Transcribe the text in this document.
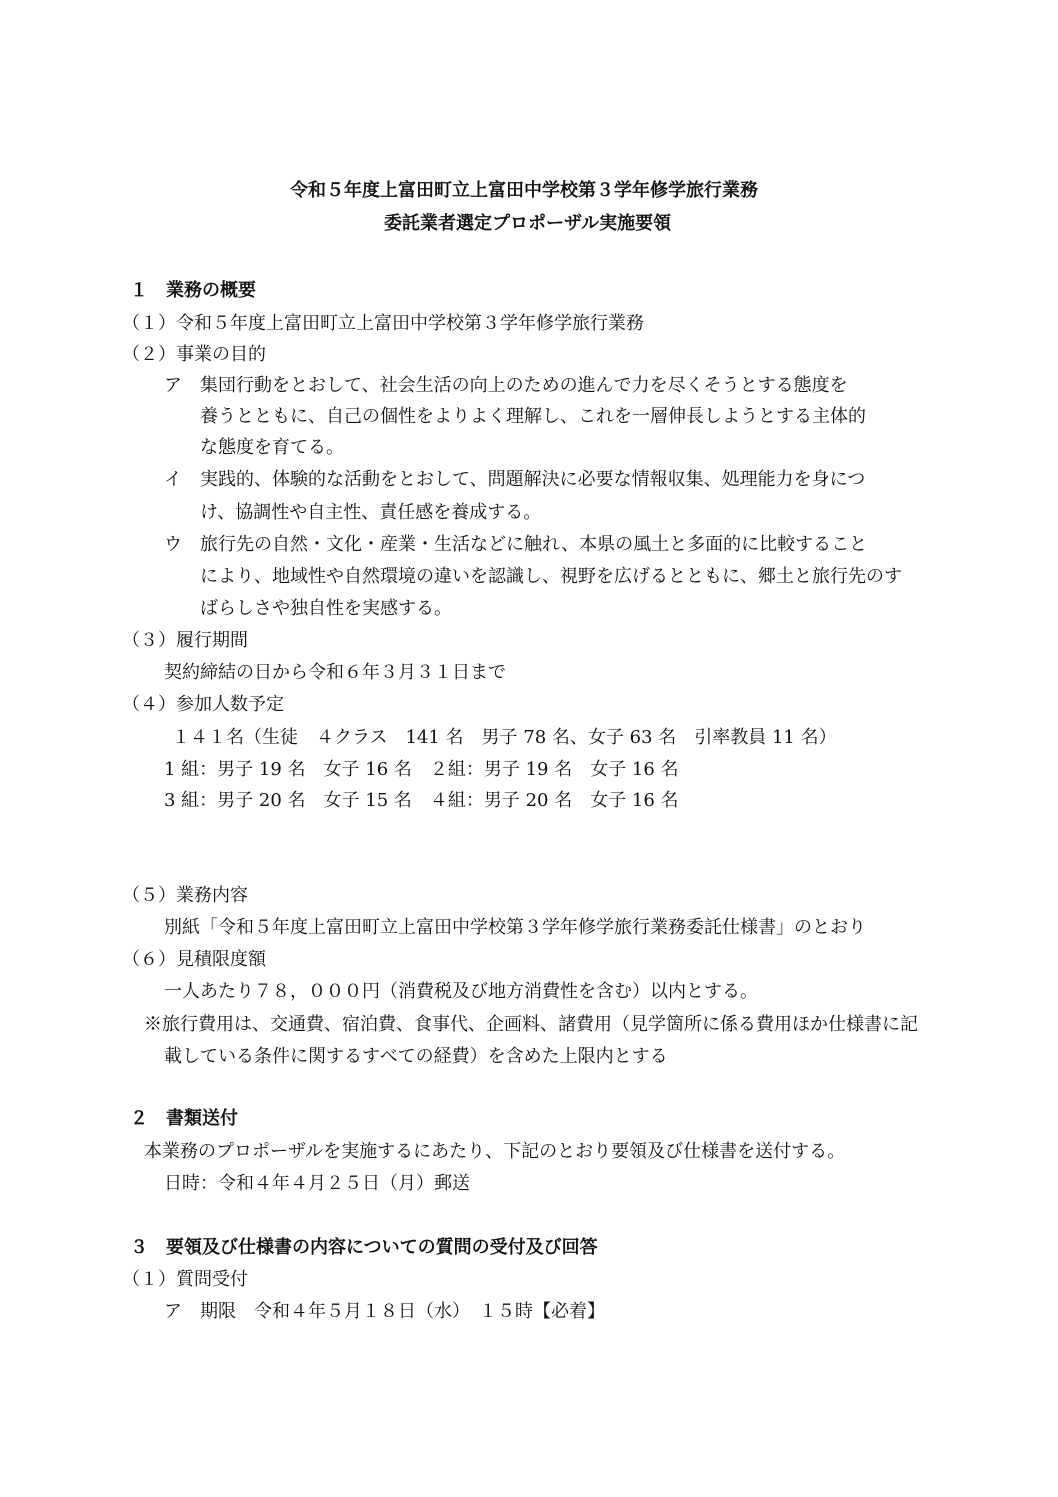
令和５年度上富田町立上富田中学校第３学年修学旅行業務
委託業者選定プロポーザル実施要領
１　業務の概要
（１）令和５年度上富田町立上富田中学校第３学年修学旅行業務
（２）事業の目的
ア　集団行動をとおして、社会生活の向上のための進んで力を尽くそうとする態度を
養うとともに、自己の個性をよりよく理解し、これを一層伸長しようとする主体的
な態度を育てる。
イ　実践的、体験的な活動をとおして、問題解決に必要な情報収集、処理能力を身につ
け、協調性や自主性、責任感を養成する。
ウ　旅行先の自然・文化・産業・生活などに触れ、本県の風土と多面的に比較すること
により、地域性や自然環境の違いを認識し、視野を広げるとともに、郷土と旅行先のす
ばらしさや独自性を実感する。
（３）履行期間
契約締結の日から令和６年３月３１日まで
（４）参加人数予定
１４１名（生徒　４クラス　141 名　男子 78 名、女子 63 名　引率教員 11 名）
1 組：男子 19 名　女子 16 名　２組：男子 19 名　女子 16 名
3 組：男子 20 名　女子 15 名　４組：男子 20 名　女子 16 名
（５）業務内容
別紙「令和５年度上富田町立上富田中学校第３学年修学旅行業務委託仕様書」のとおり
（６）見積限度額
一人あたり７８，０００円（消費税及び地方消費性を含む）以内とする。
※旅行費用は、交通費、宿泊費、食事代、企画料、諸費用（見学箇所に係る費用ほか仕様書に記
載している条件に関するすべての経費）を含めた上限内とする
２　書類送付
本業務のプロポーザルを実施するにあたり、下記のとおり要領及び仕様書を送付する。
日時：令和４年４月２５日（月）郵送
３　要領及び仕様書の内容についての質問の受付及び回答
（１）質問受付
ア　期限　令和４年５月１８日（水）　１５時【必着】
